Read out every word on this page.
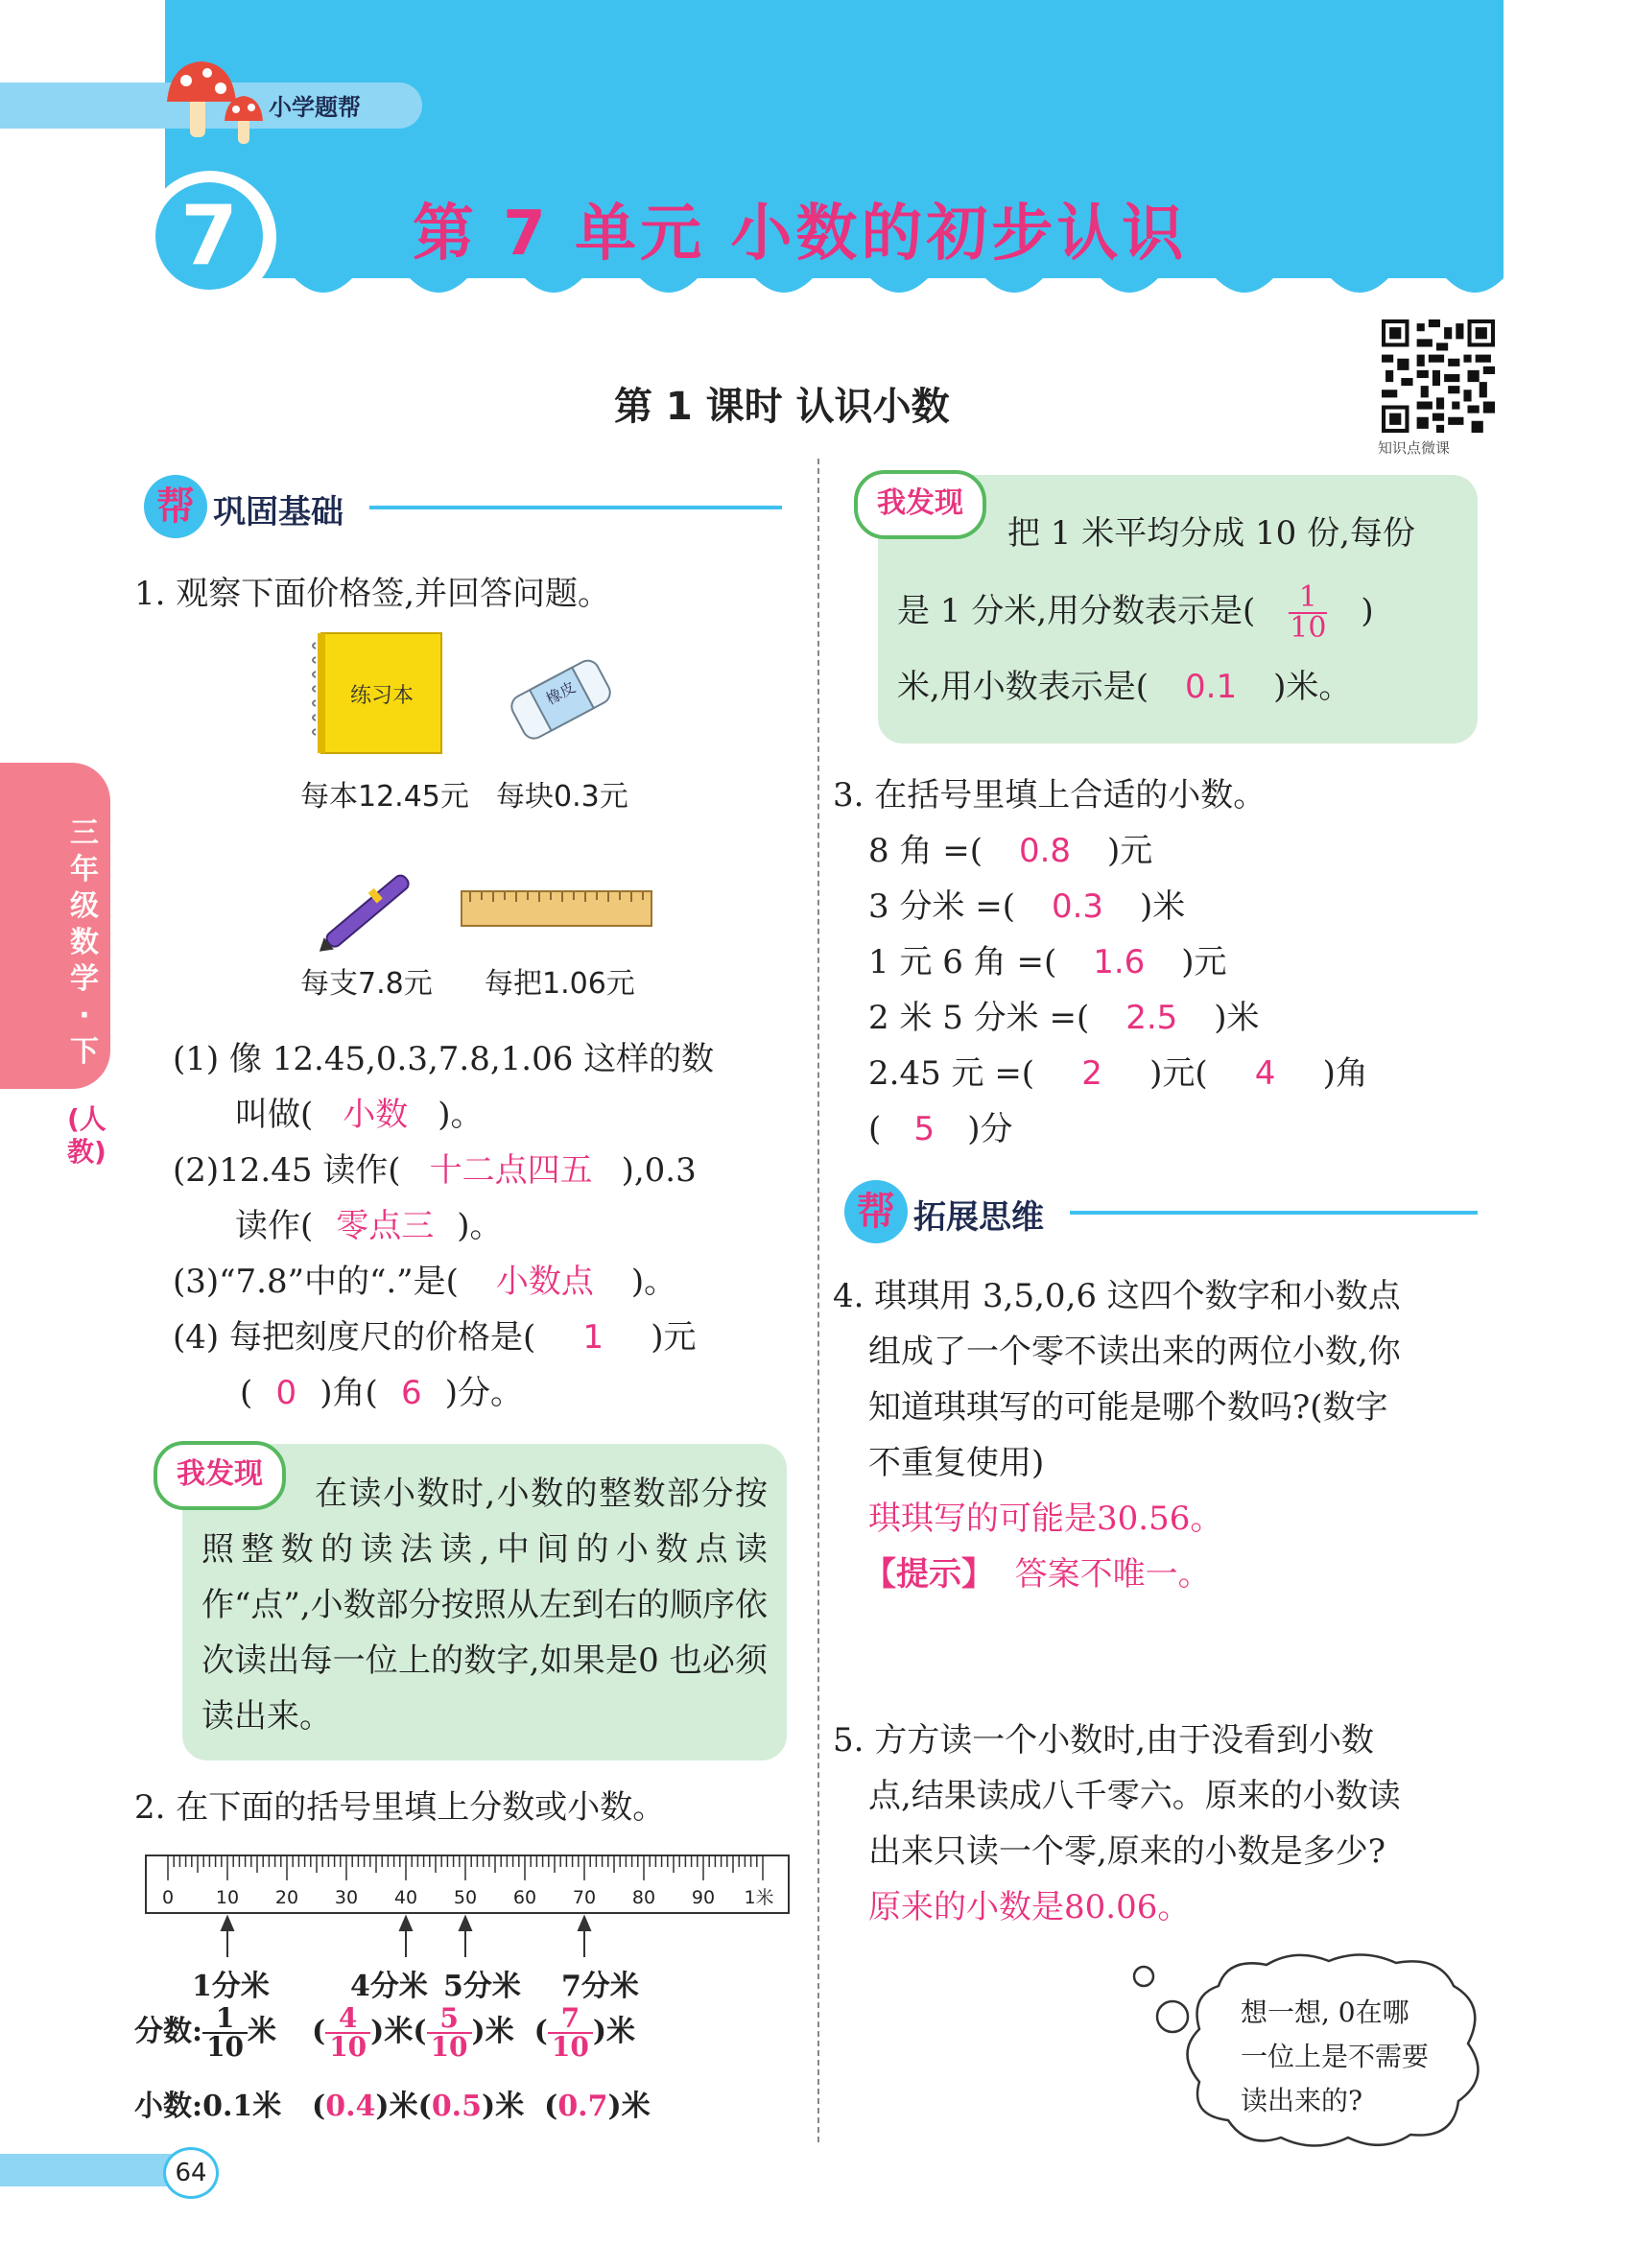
小学题帮
7	第 7 单元 小数的初步认识
第 1 课时 认识小数
知识点微课
三年级数学·下
(人教)
帮 巩固基础
1. 观察下面价格签,并回答问题。
练习本	橡皮
每本12.45元 每块0.3元
每支7.8元 每把1.06元
(1) 像 12.45,0.3,7.8,1.06 这样的数
叫做( 小数 )。
(2)12.45 读作( 十二点四五 ),0.3
读作( 零点三 )。
(3)“7.8”中的“.”是( 小数点 )。
(4) 每把刻度尺的价格是( 1 )元
( 0 )角( 6 )分。
我发现
在读小数时,小数的整数部分按照整数的读法读,中间的小数点读作“点”,小数部分按照从左到右的顺序依次读出每一位上的数字,如果是0 也必须读出来。
2. 在下面的括号里填上分数或小数。
0 10 20 30 40 50 60 70 80 90 1米
1分米	4分米 5分米 7分米
分数: $\frac{1}{10}$ 米 ( $\frac{4}{10}$ )米( $\frac{5}{10}$ )米  ( $\frac{7}{10}$ )米
小数:0.1米 (0.4)米(0.5)米  (0.7)米
64
我发现
把 1 米平均分成 10 份,每份
是 1 分米,用分数表示是( $\frac{1}{10}$ )
米,用小数表示是( 0.1 )米。
3. 在括号里填上合适的小数。
8 角 =( 0.8 )元
3 分米 =( 0.3 )米
1 元 6 角 =( 1.6 )元
2 米 5 分米 =( 2.5 )米
2.45 元 =( 2 )元( 4 )角
( 5 )分
帮 拓展思维
4. 琪琪用 3,5,0,6 这四个数字和小数点
组成了一个零不读出来的两位小数,你
知道琪琪写的可能是哪个数吗?(数字
不重复使用)
琪琪写的可能是30.56。
【提示】 答案不唯一。
5. 方方读一个小数时,由于没看到小数
点,结果读成八千零六。原来的小数读
出来只读一个零,原来的小数是多少?
原来的小数是80.06。
想一想, 0在哪
一位上是不需要
读出来的?
